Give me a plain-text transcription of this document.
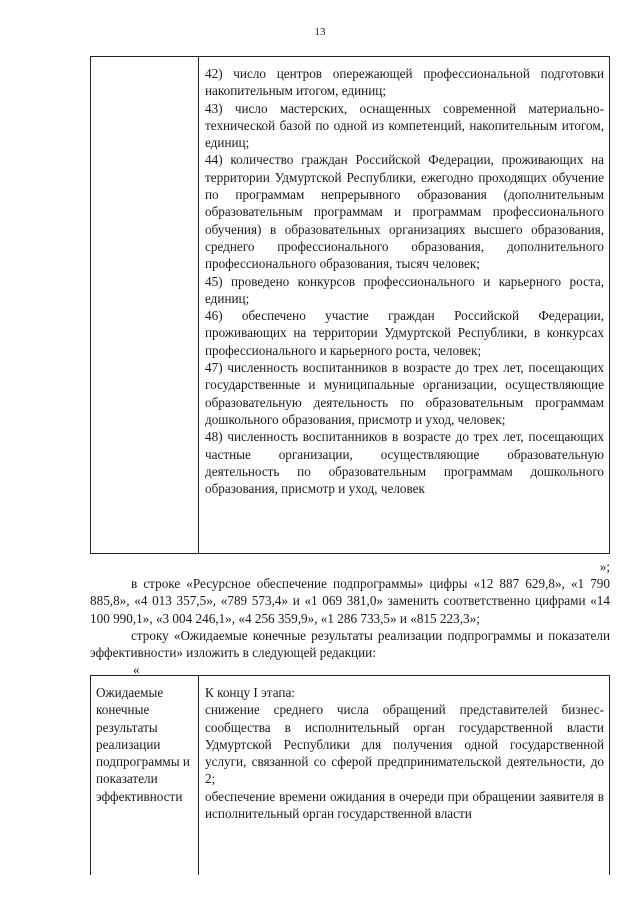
13

42) число центров опережающей профессиональной подготовки накопительным итогом, единиц;

43) число мастерских, оснащенных современной материально-технической базой по одной из компетенций, накопительным итогом, единиц;

44) количество граждан Российской Федерации, проживающих на территории Удмуртской Республики, ежегодно проходящих обучение по программам непрерывного образования (дополнительным образовательным программам и программам профессионального обучения) в образовательных организациях высшего образования, среднего профессионального образования, дополнительного профессионального образования, тысяч человек;

45) проведено конкурсов профессионального и карьерного роста, единиц;

46) обеспечено участие граждан Российской Федерации, проживающих на территории Удмуртской Республики, в конкурсах профессионального и карьерного роста, человек;

47) численность воспитанников в возрасте до трех лет, посещающих государственные и муниципальные организации, осуществляющие образовательную деятельность по образовательным программам дошкольного образования, присмотр и уход, человек;

48) численность воспитанников в возрасте до трех лет, посещающих частные организации, осуществляющие образовательную деятельность по образовательным программам дошкольного образования, присмотр и уход, человек

»;

в строке «Ресурсное обеспечение подпрограммы» цифры «12 887 629,8», «1 790 885,8», «4 013 357,5», «789 573,4» и «1 069 381,0» заменить соответственно цифрами «14 100 990,1», «3 004 246,1», «4 256 359,9», «1 286 733,5» и «815 223,3»;

строку «Ожидаемые конечные результаты реализации подпрограммы и показатели эффективности» изложить в следующей редакции:

«

Ожидаемые конечные результаты реализации подпрограммы и показатели эффективности

К концу I этапа:

снижение среднего числа обращений представителей бизнес-сообщества в исполнительный орган государственной власти Удмуртской Республики для получения одной государственной услуги, связанной со сферой предпринимательской деятельности, до 2;

обеспечение времени ожидания в очереди при обращении заявителя в исполнительный орган государственной власти
